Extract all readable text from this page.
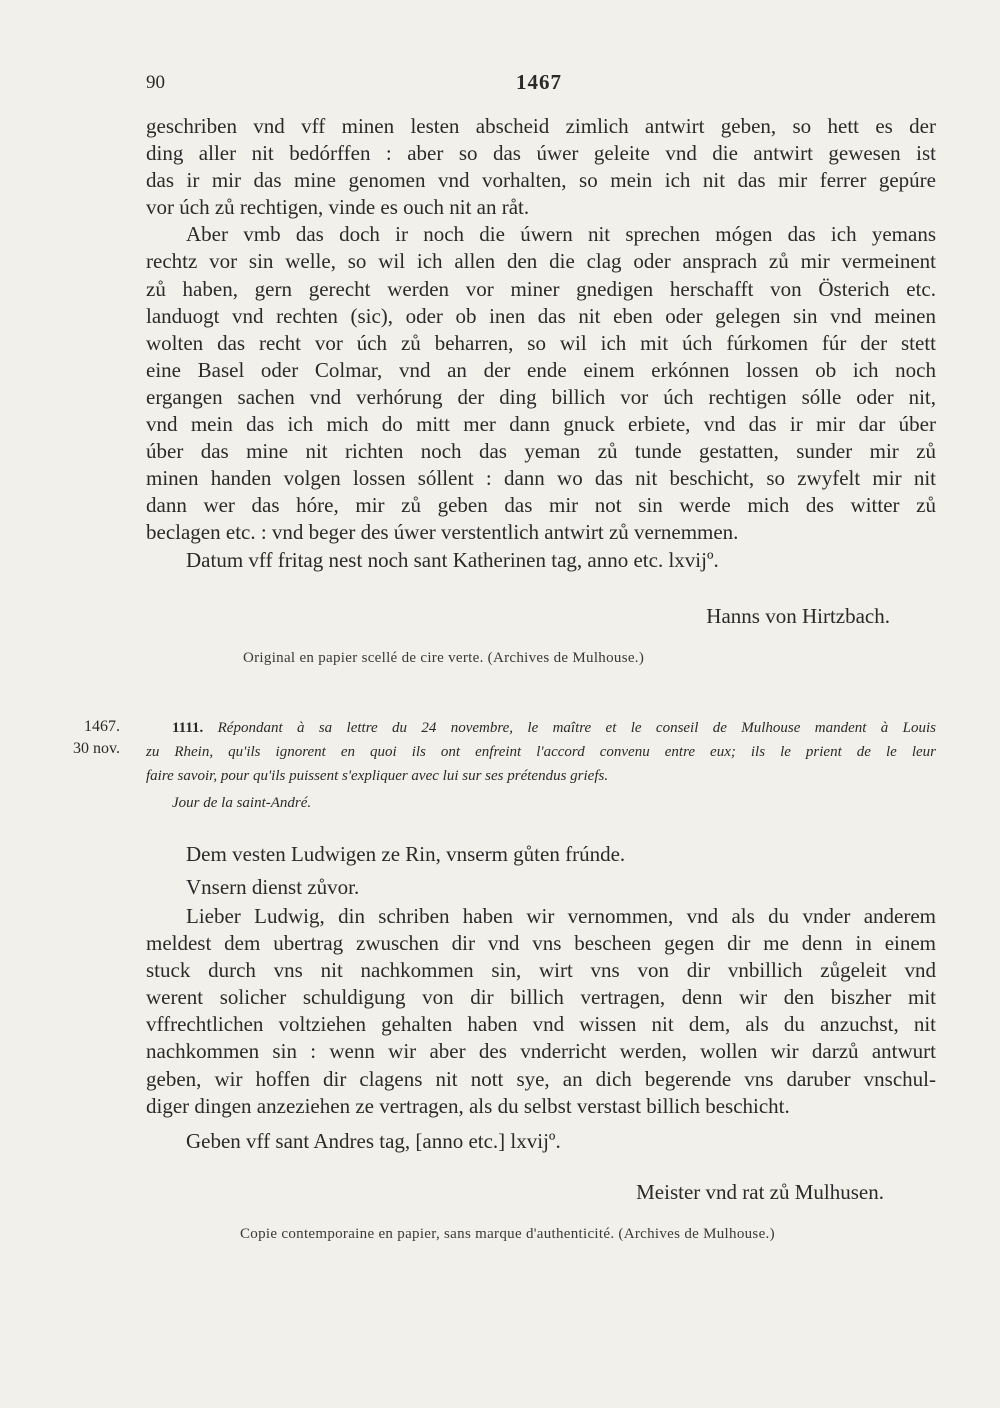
90	1467
geschriben vnd vff minen lesten abscheid zimlich antwirt geben, so hett es der
ding aller nit bedórffen : aber so das úwer geleite vnd die antwirt gewesen ist
das ir mir das mine genomen vnd vorhalten, so mein ich nit das mir ferrer gepúre
vor úch zů rechtigen, vinde es ouch nit an råt.
Aber vmb das doch ir noch die úwern nit sprechen mógen das ich yemans
rechtz vor sin welle, so wil ich allen den die clag oder ansprach zů mir vermeinent
zů haben, gern gerecht werden vor miner gnedigen herschafft von Österich etc.
landuogt vnd rechten (sic), oder ob inen das nit eben oder gelegen sin vnd meinen
wolten das recht vor úch zů beharren, so wil ich mit úch fúrkomen fúr der stett
eine Basel oder Colmar, vnd an der ende einem erkónnen lossen ob ich noch
ergangen sachen vnd verhórung der ding billich vor úch rechtigen sólle oder nit,
vnd mein das ich mich do mitt mer dann gnuck erbiete, vnd das ir mir dar úber
úber das mine nit richten noch das yeman zů tunde gestatten, sunder mir zů
minen handen volgen lossen sóllent : dann wo das nit beschicht, so zwyfelt mir nit
dann wer das hóre, mir zů geben das mir not sin werde mich des witter zů
beclagen etc. : vnd beger des úwer verstentlich antwirt zů vernemmen.
Datum vff fritag nest noch sant Katherinen tag, anno etc. lxvijº.
Hanns von Hirtzbach.
Original en papier scellé de cire verte. (Archives de Mulhouse.)
1467.
30 nov.
1111. Répondant à sa lettre du 24 novembre, le maître et le conseil de Mulhouse mandent à Louis
zu Rhein, qu'ils ignorent en quoi ils ont enfreint l'accord convenu entre eux; ils le prient de le leur
faire savoir, pour qu'ils puissent s'expliquer avec lui sur ses prétendus griefs.
Jour de la saint-André.
Dem vesten Ludwigen ze Rin, vnserm gůten frúnde.
Vnsern dienst zůvor.
Lieber Ludwig, din schriben haben wir vernommen, vnd als du vnder anderem
meldest dem ubertrag zwuschen dir vnd vns bescheen gegen dir me denn in einem
stuck durch vns nit nachkommen sin, wirt vns von dir vnbillich zůgeleit vnd
werent solicher schuldigung von dir billich vertragen, denn wir den biszher mit
vffrechtlichen voltziehen gehalten haben vnd wissen nit dem, als du anzuchst, nit
nachkommen sin : wenn wir aber des vnderricht werden, wollen wir darzů antwurt
geben, wir hoffen dir clagens nit nott sye, an dich begerende vns daruber vnschul-
diger dingen anzeziehen ze vertragen, als du selbst verstast billich beschicht.
Geben vff sant Andres tag, [anno etc.] lxvijº.
Meister vnd rat zů Mulhusen.
Copie contemporaine en papier, sans marque d'authenticité. (Archives de Mulhouse.)
